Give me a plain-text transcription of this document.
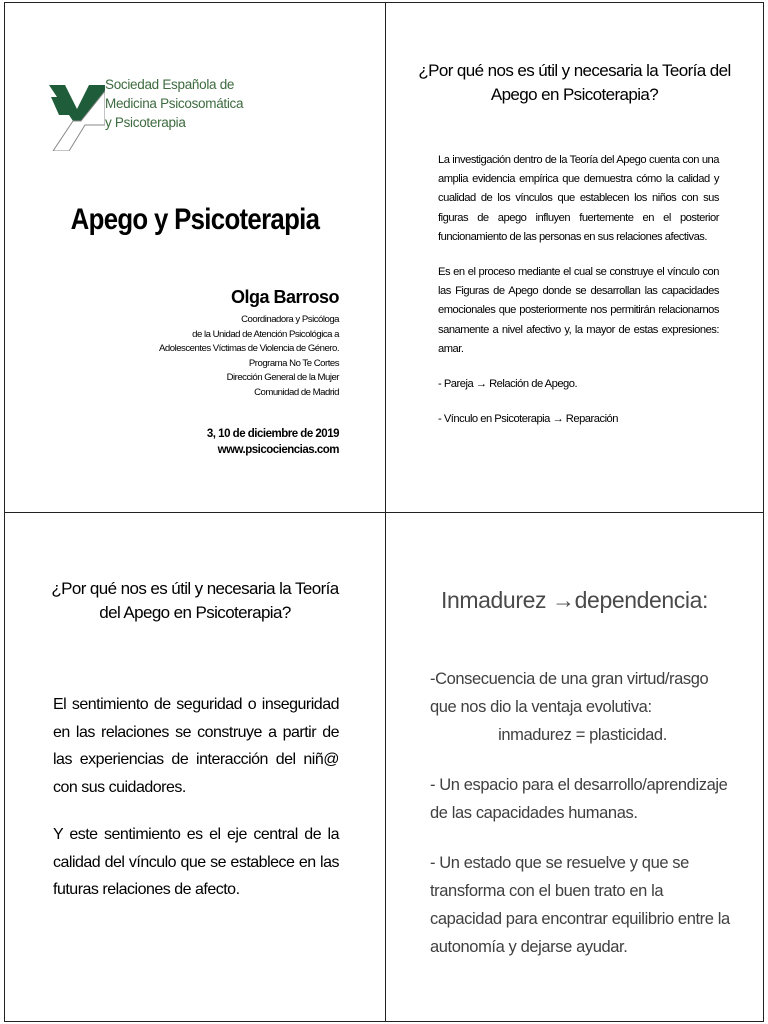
Sociedad Española de
Medicina Psicosomática
y Psicoterapia
Apego y Psicoterapia
Olga Barroso
Coordinadora y Psicóloga
de la Unidad de Atención Psicológica a
Adolescentes Víctimas de Violencia de Género.
Programa No Te Cortes
Dirección General de la Mujer
Comunidad de Madrid
3, 10 de diciembre de 2019
www.psicociencias.com
¿Por qué nos es útil y necesaria la Teoría del Apego en Psicoterapia?

La investigación dentro de la Teoría del Apego cuenta con una amplia evidencia empírica que demuestra cómo la calidad y cualidad de los vínculos que establecen los niños con sus figuras de apego influyen fuertemente en el posterior funcionamiento de las personas en sus relaciones afectivas.

Es en el proceso mediante el cual se construye el vínculo con las Figuras de Apego donde se desarrollan las capacidades emocionales que posteriormente nos permitirán relacionarnos sanamente a nivel afectivo y, la mayor de estas expresiones: amar.

- Pareja → Relación de Apego.

- Vínculo en Psicoterapia → Reparación

¿Por qué nos es útil y necesaria la Teoría del Apego en Psicoterapia?

El sentimiento de seguridad o inseguridad en las relaciones se construye a partir de las experiencias de interacción del niñ@ con sus cuidadores.

Y este sentimiento es el eje central de la calidad del vínculo que se establece en las futuras relaciones de afecto.

Inmadurez →dependencia:

-Consecuencia de una gran virtud/rasgo que nos dio la ventaja evolutiva:
inmadurez = plasticidad.

- Un espacio para el desarrollo/aprendizaje de las capacidades humanas.

- Un estado que se resuelve y que se transforma con el buen trato en la capacidad para encontrar equilibrio entre la autonomía y dejarse ayudar.
